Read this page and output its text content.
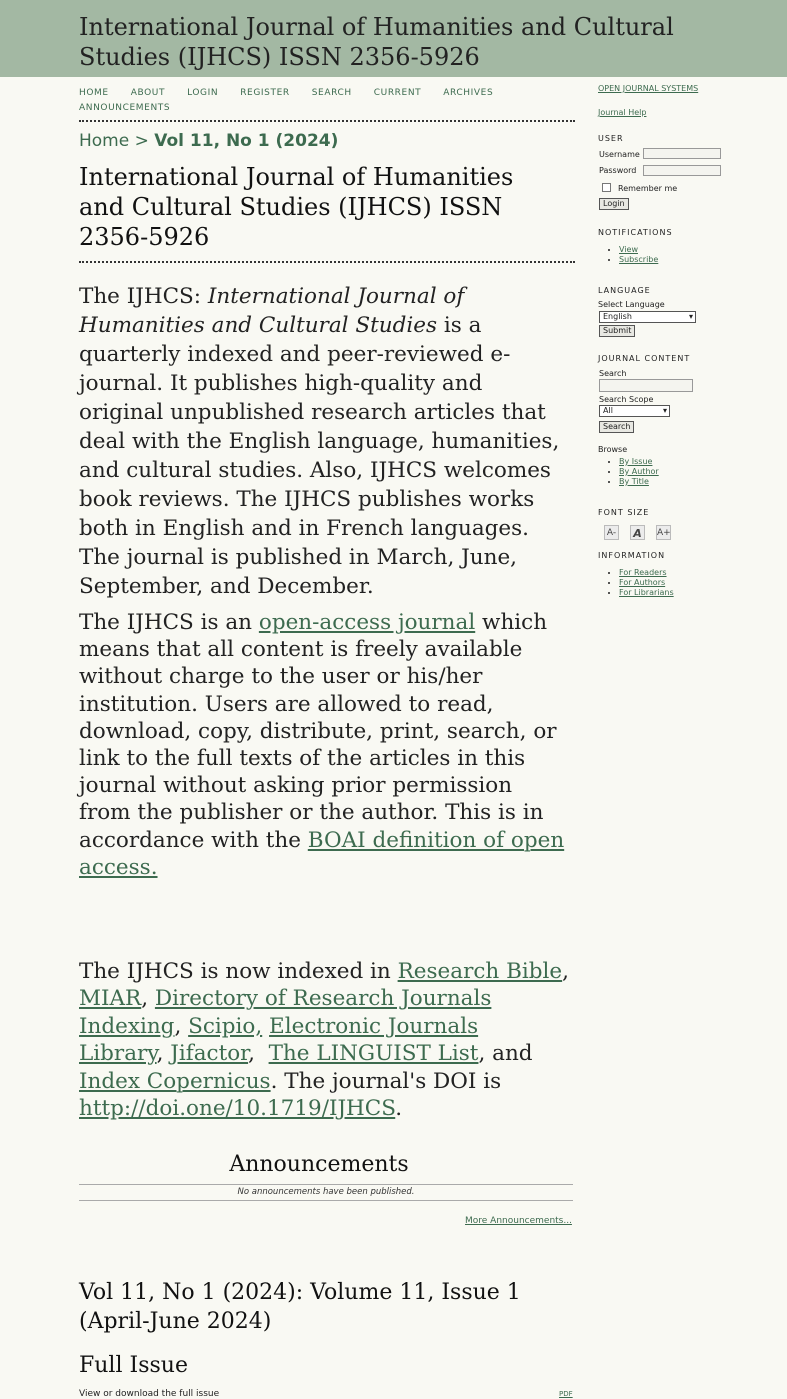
International Journal of Humanities and Cultural Studies (IJHCS) ISSN 2356-5926
HOME ABOUT LOGIN REGISTER SEARCH CURRENT ARCHIVESANNOUNCEMENTS
Home > Vol 11, No 1 (2024)
International Journal of Humanities and Cultural Studies (IJHCS) ISSN 2356-5926

The IJHCS: International Journal of Humanities and Cultural Studies is a quarterly indexed and peer-reviewed e-journal. It publishes high-quality and original unpublished research articles that deal with the English language, humanities, and cultural studies. Also, IJHCS welcomes book reviews. The IJHCS publishes works both in English and in French languages. The journal is published in March, June, September, and December.

The IJHCS is an open-access journal which means that all content is freely available without charge to the user or his/her institution. Users are allowed to read, download, copy, distribute, print, search, or link to the full texts of the articles in this journal without asking prior permission from the publisher or the author. This is in accordance with the BOAI definition of open access.

The IJHCS is now indexed in Research Bible, MIAR, Directory of Research Journals Indexing, Scipio, Electronic Journals Library, Jifactor,  The LINGUIST List, and Index Copernicus. The journal's DOI is http://doi.one/10.1719/IJHCS.
Announcements
No announcements have been published.
More Announcements...
Vol 11, No 1 (2024): Volume 11, Issue 1 (April-June 2024)
Full Issue
View or download the full issue	PDF
OPEN JOURNAL SYSTEMS
Journal Help
USER
Username
Password
Remember me
Login
NOTIFICATIONS
• View
• Subscribe
LANGUAGE
Select Language
English	▾
Submit
JOURNAL CONTENT
Search
Search Scope
All	▾
Search
Browse
• By Issue
• By Author
• By Title
FONT SIZE
A- A	A+
INFORMATION
• For Readers
• For Authors
• For Librarians
